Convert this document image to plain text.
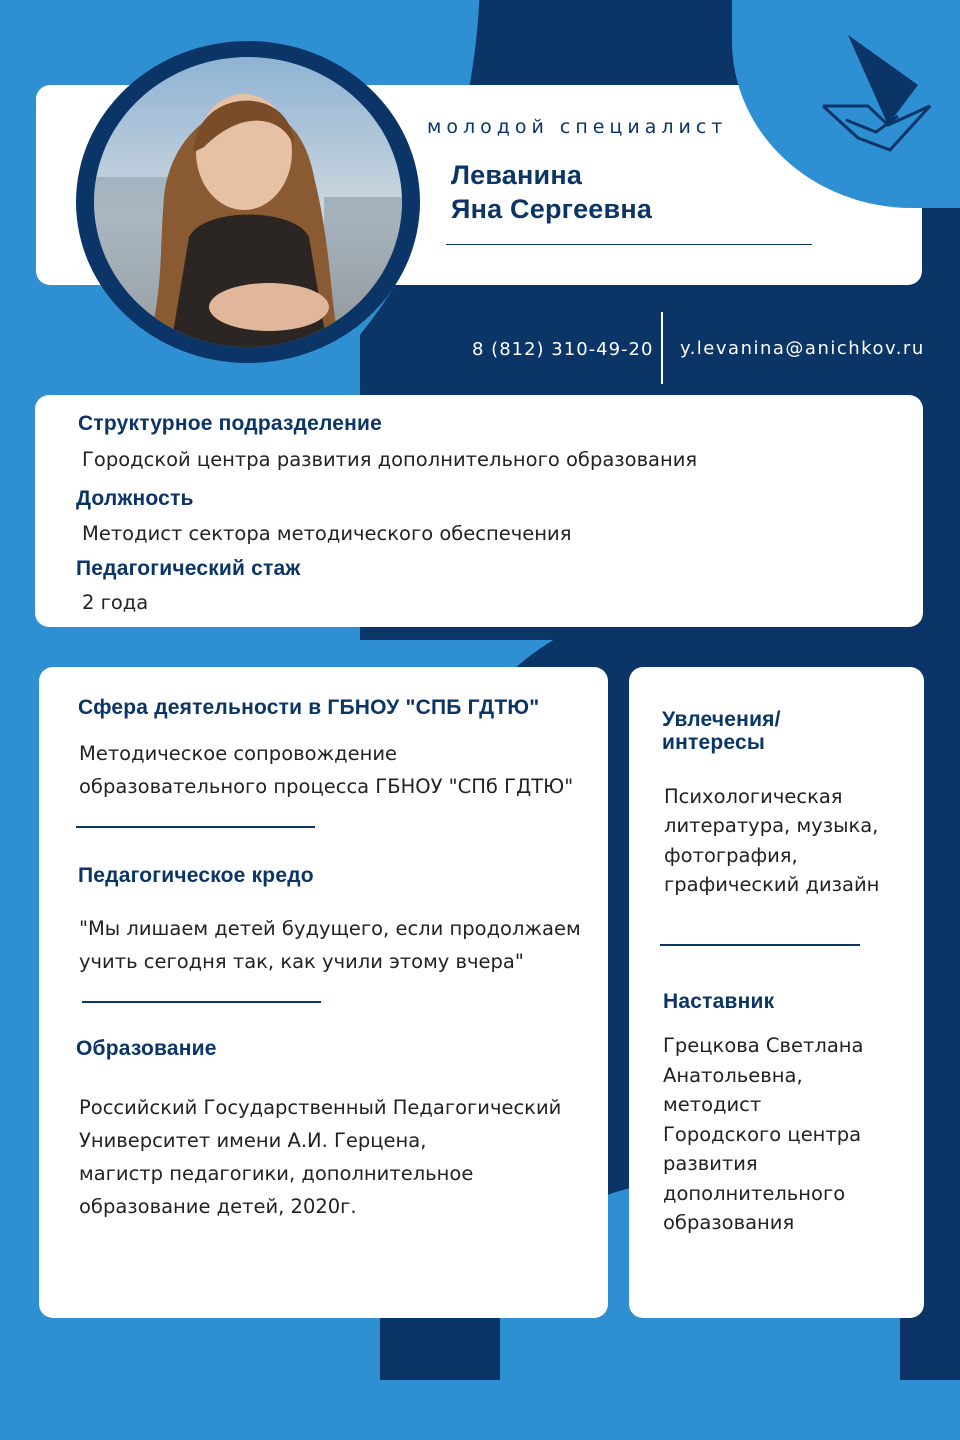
молодой специалист
Леванина
Яна Сергеевна
8 (812) 310-49-20 y.levanina@anichkov.ru
Структурное подразделение
Городской центра развития дополнительного образования
Должность
Методист сектора методического обеспечения
Педагогический стаж
2 года
Сфера деятельности в ГБНОУ "СПБ ГДТЮ"
Методическое сопровождение
образовательного процесса ГБНОУ "СПб ГДТЮ"
Педагогическое кредо
"Мы лишаем детей будущего, если продолжаем
учить сегодня так, как учили этому вчера"
Образование
Российский Государственный Педагогический
Университет имени А.И. Герцена,
магистр педагогики, дополнительное
образование детей, 2020г.
Увлечения/
интересы
Психологическая
литература, музыка,
фотография,
графический дизайн
Наставник
Грецкова Светлана
Анатольевна,
методист
Городского центра
развития
дополнительного
образования
